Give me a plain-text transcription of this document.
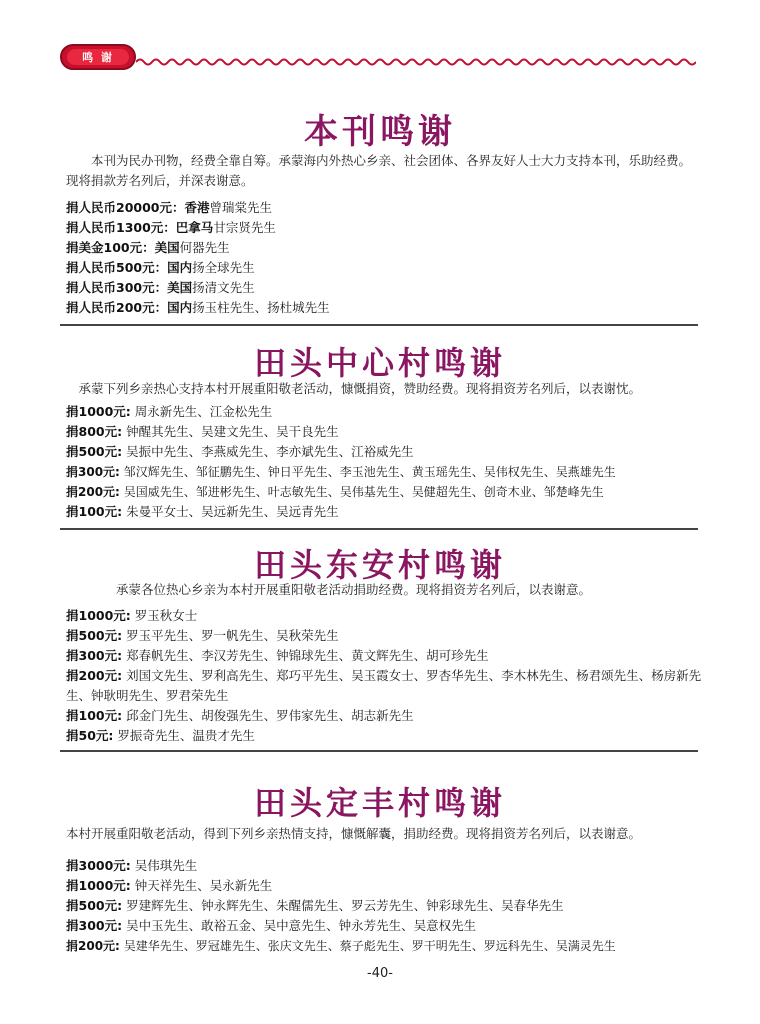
鸣 谢
本刊鸣谢
本刊为民办刊物，经费全靠自筹。承蒙海内外热心乡亲、社会团体、各界友好人士大力支持本刊，乐助经费。现将捐款芳名列后，并深表谢意。
捐人民币20000元：香港曾瑞棠先生
捐人民币1300元：巴拿马甘宗贤先生
捐美金100元：美国何器先生
捐人民币500元：国内扬全球先生
捐人民币300元：美国扬清文先生
捐人民币200元：国内扬玉柱先生、扬杜城先生
田头中心村鸣谢
承蒙下列乡亲热心支持本村开展重阳敬老活动，慷慨捐资，赞助经费。现将捐资芳名列后，以表谢忱。
捐1000元: 周永新先生、江金松先生
捐800元: 钟醒其先生、吴建文先生、吴干良先生
捐500元: 吴振中先生、李燕威先生、李亦斌先生、江裕威先生
捐300元: 邹汉辉先生、邹征鹏先生、钟日平先生、李玉池先生、黄玉瑶先生、吴伟权先生、吴燕雄先生
捐200元: 吴国威先生、邹进彬先生、叶志敏先生、吴伟基先生、吴健超先生、创奇木业、邹楚峰先生
捐100元: 朱曼平女士、吴远新先生、吴远青先生
田头东安村鸣谢
承蒙各位热心乡亲为本村开展重阳敬老活动捐助经费。现将捐资芳名列后，以表谢意。
捐1000元: 罗玉秋女士
捐500元: 罗玉平先生、罗一帆先生、吴秋荣先生
捐300元: 郑春帆先生、李汉芳先生、钟锦球先生、黄文辉先生、胡可珍先生
捐200元: 刘国文先生、罗利高先生、郑巧平先生、吴玉霞女士、罗杏华先生、李木林先生、杨君颂先生、杨房新先生、钟耿明先生、罗君荣先生
捐100元: 邱金门先生、胡俊强先生、罗伟家先生、胡志新先生
捐50元: 罗振奇先生、温贵才先生
田头定丰村鸣谢
本村开展重阳敬老活动，得到下列乡亲热情支持，慷慨解囊，捐助经费。现将捐资芳名列后，以表谢意。
捐3000元: 吴伟琪先生
捐1000元: 钟天祥先生、吴永新先生
捐500元: 罗建辉先生、钟永辉先生、朱醒儒先生、罗云芳先生、钟彩球先生、吴春华先生
捐300元: 吴中玉先生、敢裕五金、吴中意先生、钟永芳先生、吴意权先生
捐200元: 吴建华先生、罗冠雄先生、张庆文先生、蔡子彪先生、罗干明先生、罗远科先生、吴满灵先生
-40-
